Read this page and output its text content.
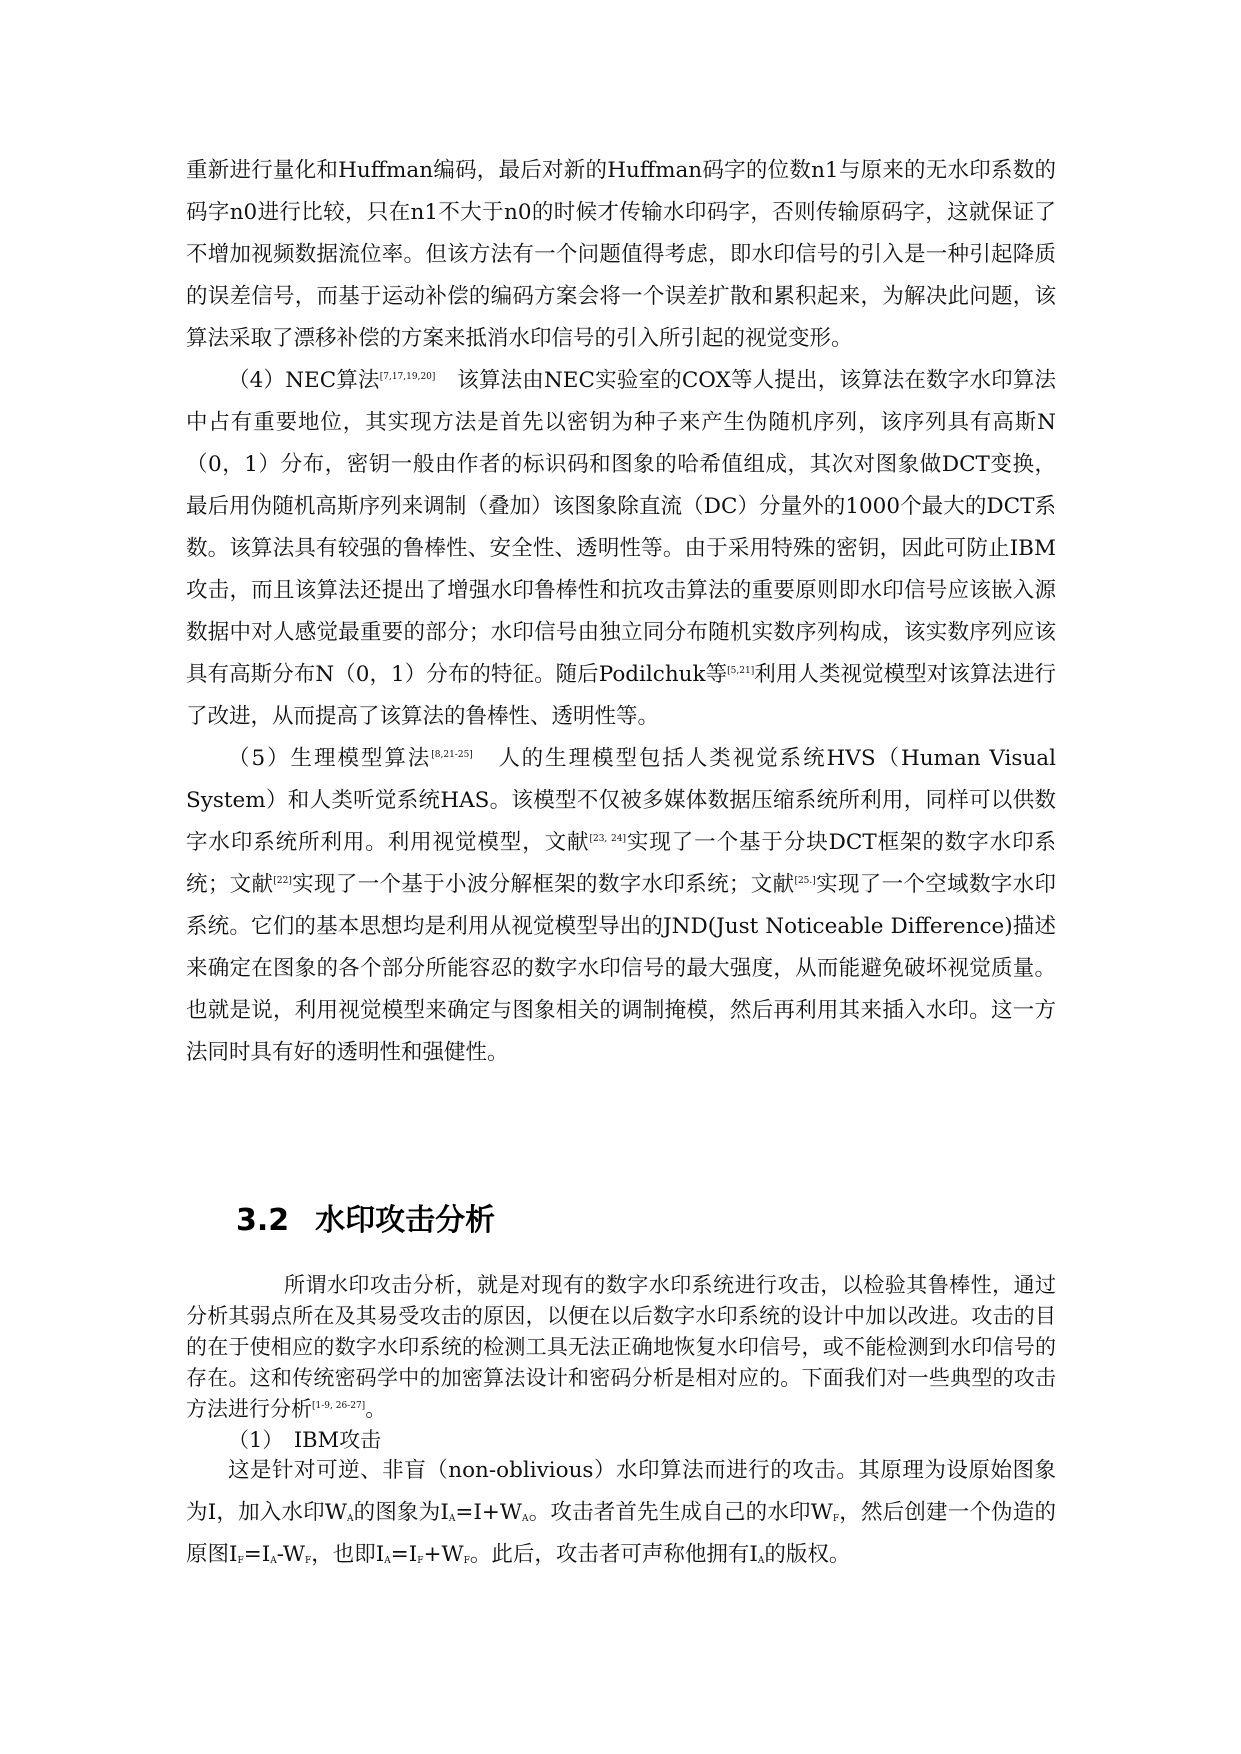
重新进行量化和Huffman编码，最后对新的Huffman码字的位数n1与原来的无水印系数的码字n0进行比较，只在n1不大于n0的时候才传输水印码字，否则传输原码字，这就保证了不增加视频数据流位率。但该方法有一个问题值得考虑，即水印信号的引入是一种引起降质的误差信号，而基于运动补偿的编码方案会将一个误差扩散和累积起来，为解决此问题，该算法采取了漂移补偿的方案来抵消水印信号的引入所引起的视觉变形。

（4）NEC算法[7,17,19,20]　该算法由NEC实验室的COX等人提出，该算法在数字水印算法中占有重要地位，其实现方法是首先以密钥为种子来产生伪随机序列，该序列具有高斯N（0，1）分布，密钥一般由作者的标识码和图象的哈希值组成，其次对图象做DCT变换，最后用伪随机高斯序列来调制（叠加）该图象除直流（DC）分量外的1000个最大的DCT系数。该算法具有较强的鲁棒性、安全性、透明性等。由于采用特殊的密钥，因此可防止IBM攻击，而且该算法还提出了增强水印鲁棒性和抗攻击算法的重要原则即水印信号应该嵌入源数据中对人感觉最重要的部分；水印信号由独立同分布随机实数序列构成，该实数序列应该具有高斯分布N（0，1）分布的特征。随后Podilchuk等[5,21]利用人类视觉模型对该算法进行了改进，从而提高了该算法的鲁棒性、透明性等。

（5）生理模型算法[8,21-25]　人的生理模型包括人类视觉系统HVS（Human Visual System）和人类听觉系统HAS。该模型不仅被多媒体数据压缩系统所利用，同样可以供数字水印系统所利用。利用视觉模型，文献[23, 24]实现了一个基于分块DCT框架的数字水印系统；文献[22]实现了一个基于小波分解框架的数字水印系统；文献[25.]实现了一个空域数字水印系统。它们的基本思想均是利用从视觉模型导出的JND(Just Noticeable Difference)描述来确定在图象的各个部分所能容忍的数字水印信号的最大强度，从而能避免破坏视觉质量。也就是说，利用视觉模型来确定与图象相关的调制掩模，然后再利用其来插入水印。这一方法同时具有好的透明性和强健性。

3.2 水印攻击分析

所谓水印攻击分析，就是对现有的数字水印系统进行攻击，以检验其鲁棒性，通过分析其弱点所在及其易受攻击的原因，以便在以后数字水印系统的设计中加以改进。攻击的目的在于使相应的数字水印系统的检测工具无法正确地恢复水印信号，或不能检测到水印信号的存在。这和传统密码学中的加密算法设计和密码分析是相对应的。下面我们对一些典型的攻击方法进行分析[1-9, 26-27]。

（1）　IBM攻击

这是针对可逆、非盲（non-oblivious）水印算法而进行的攻击。其原理为设原始图象为I，加入水印$W_A$的图象为$I_A=I+W_A$。攻击者首先生成自己的水印$W_F$，然后创建一个伪造的原图$I_F=I_A-W_F$，也即$I_A=I_F+W_F$。此后，攻击者可声称他拥有$I_A$的版权。
